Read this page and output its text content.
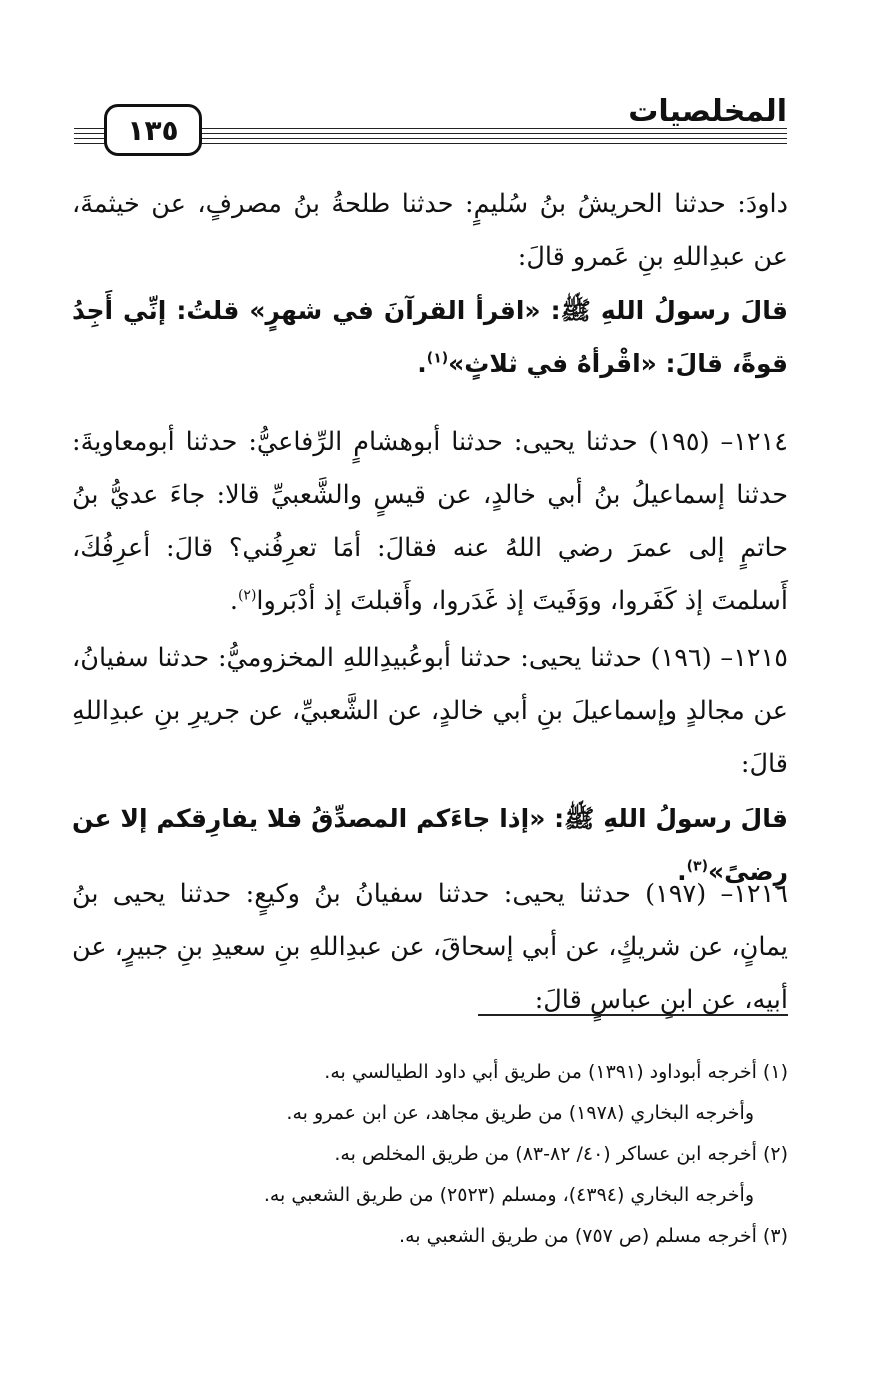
المخلصيات
١٣٥

داودَ: حدثنا الحريشُ بنُ سُليمٍ: حدثنا طلحةُ بنُ مصرفٍ، عن خيثمةَ، عن عبدِاللهِ بنِ عَمرو قالَ:

قالَ رسولُ اللهِ ﷺ: «اقرأ القرآنَ في شهرٍ» قلتُ: إنِّي أَجِدُ قوةً، قالَ: «اقْرأهُ في ثلاثٍ»$^{(١)}$.

١٢١٤– (١٩٥) حدثنا يحيى: حدثنا أبوهشامٍ الرِّفاعيُّ: حدثنا أبومعاويةَ: حدثنا إسماعيلُ بنُ أبي خالدٍ، عن قيسٍ والشَّعبيِّ قالا: جاءَ عديُّ بنُ حاتمٍ إلى عمرَ رضي اللهُ عنه فقالَ: أمَا تعرِفُني؟ قالَ: أعرِفُكَ، أَسلمتَ إذ كَفَروا، ووَفَيتَ إذ غَدَروا، وأَقبلتَ إذ أدْبَروا$^{(٢)}$.

١٢١٥– (١٩٦) حدثنا يحيى: حدثنا أبوعُبيدِاللهِ المخزوميُّ: حدثنا سفيانُ، عن مجالدٍ وإسماعيلَ بنِ أبي خالدٍ، عن الشَّعبيِّ، عن جريرِ بنِ عبدِاللهِ قالَ:

قالَ رسولُ اللهِ ﷺ: «إذا جاءَكم المصدِّقُ فلا يفارِقكم إلا عن رِضىً»$^{(٣)}$.

١٢١٦– (١٩٧) حدثنا يحيى: حدثنا سفيانُ بنُ وكيعٍ: حدثنا يحيى بنُ يمانٍ، عن شريكٍ، عن أبي إسحاقَ، عن عبدِاللهِ بنِ سعيدِ بنِ جبيرٍ، عن أبيه، عن ابنِ عباسٍ قالَ:

(١) أخرجه أبوداود (١٣٩١) من طريق أبي داود الطيالسي به.
وأخرجه البخاري (١٩٧٨) من طريق مجاهد، عن ابن عمرو به.
(٢) أخرجه ابن عساكر (٤٠/ ٨٢-٨٣) من طريق المخلص به.
وأخرجه البخاري (٤٣٩٤)، ومسلم (٢٥٢٣) من طريق الشعبي به.
(٣) أخرجه مسلم (ص ٧٥٧) من طريق الشعبي به.
